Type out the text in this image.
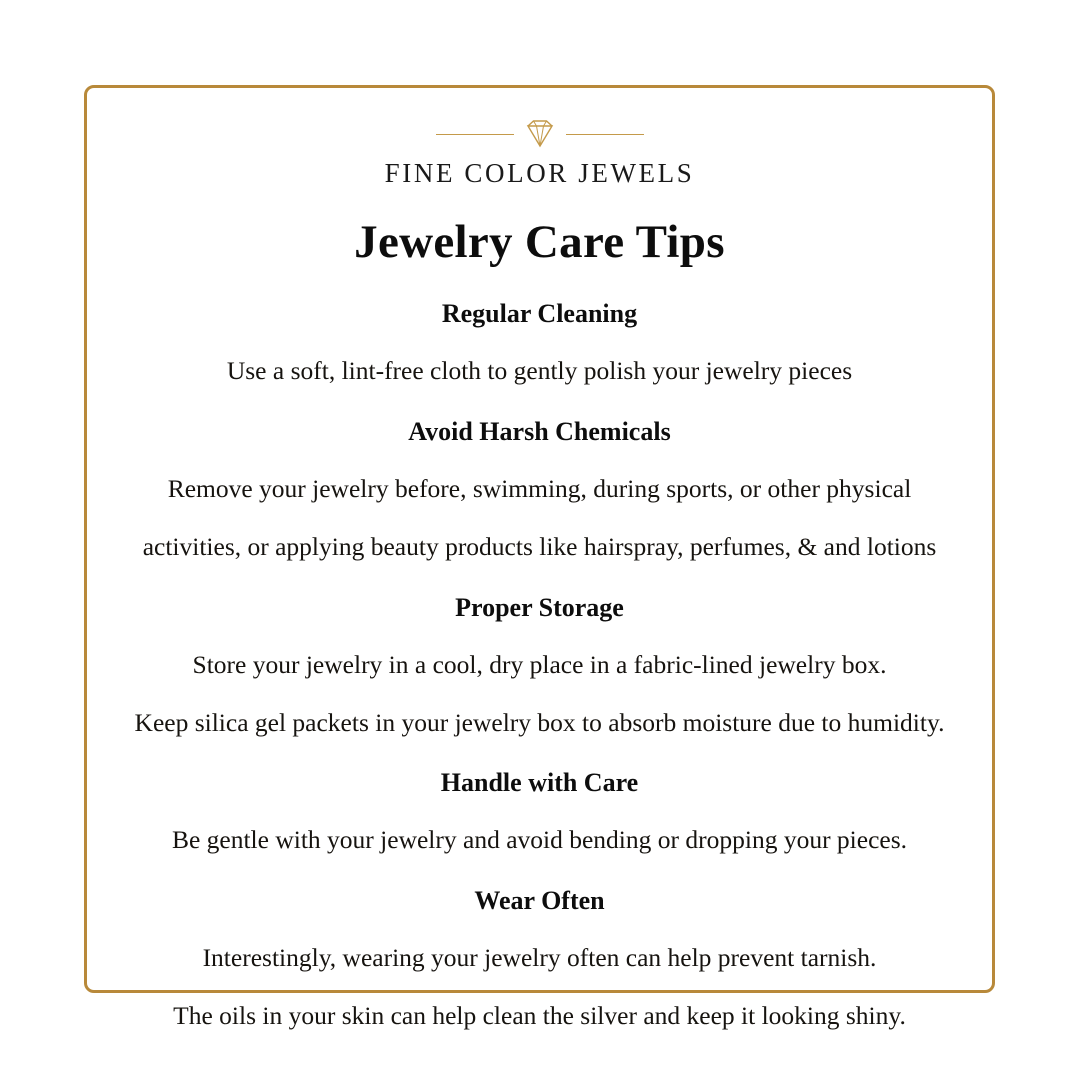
FINE COLOR JEWELS
Jewelry Care Tips
Regular Cleaning
Use a soft, lint-free cloth to gently polish your jewelry pieces
Avoid Harsh Chemicals
Remove your jewelry before, swimming, during sports, or other physical
activities, or applying beauty products like hairspray, perfumes, & and lotions
Proper Storage
Store your jewelry in a cool, dry place in a fabric-lined jewelry box.
Keep silica gel packets in your jewelry box to absorb moisture due to humidity.
Handle with Care
Be gentle with your jewelry and avoid bending or dropping your pieces.
Wear Often
Interestingly, wearing your jewelry often can help prevent tarnish.
The oils in your skin can help clean the silver and keep it looking shiny.
